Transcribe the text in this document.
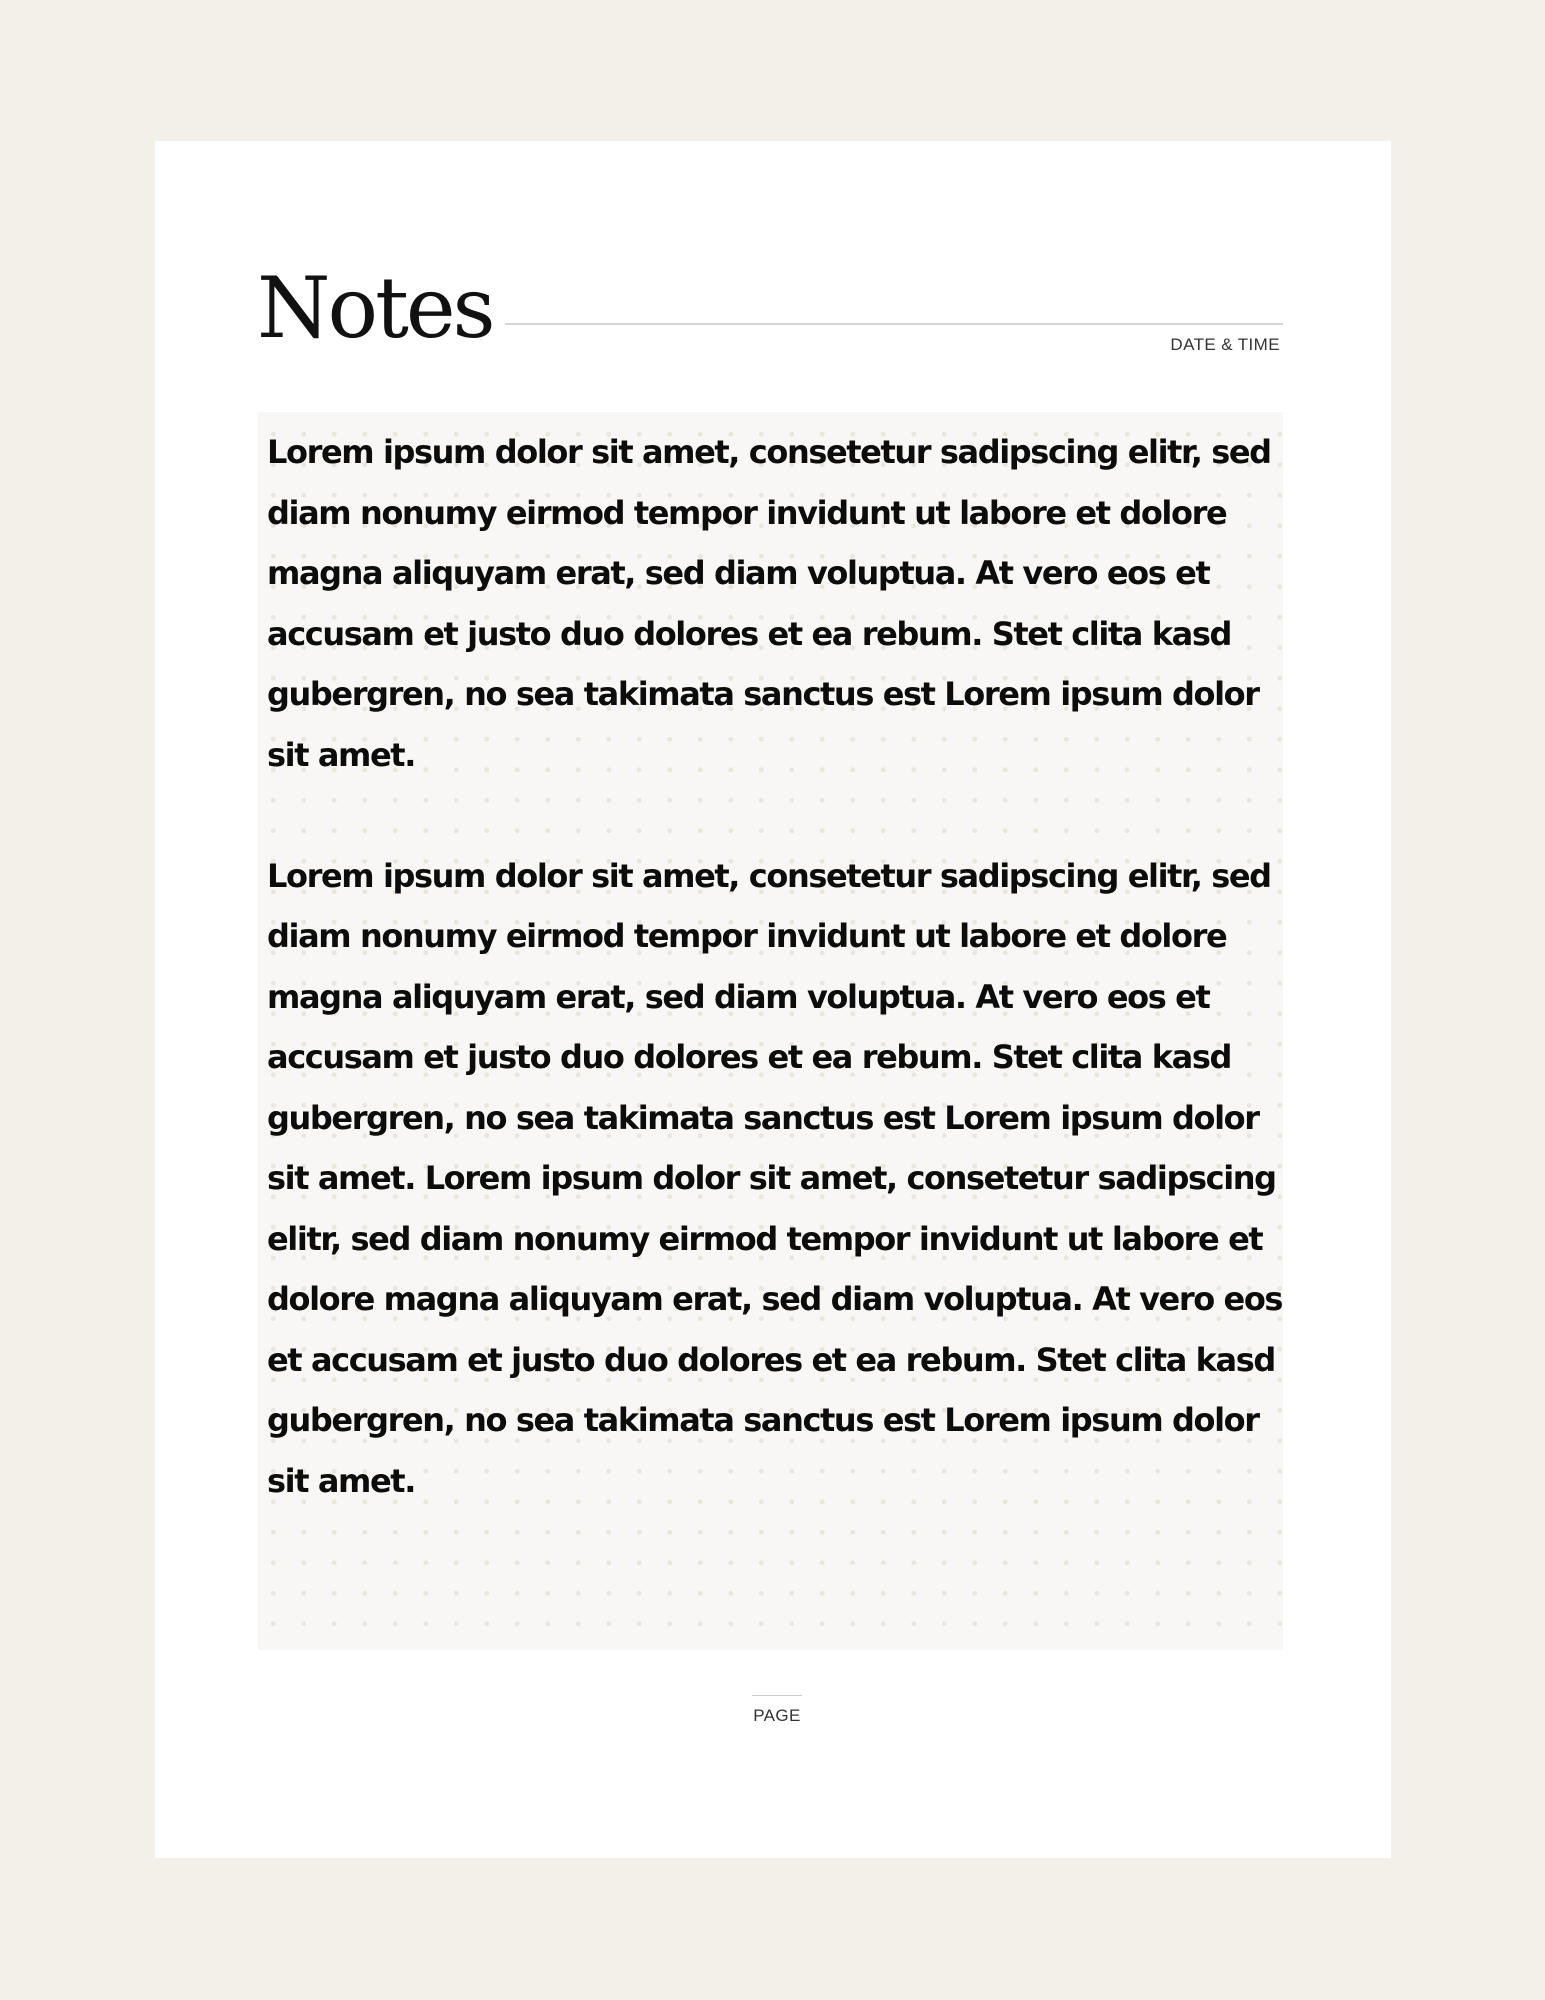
Notes	DATE & TIME

Lorem ipsum dolor sit amet, consetetur sadipscing elitr, sed diam nonumy eirmod tempor invidunt ut labore et dolore magna aliquyam erat, sed diam voluptua. At vero eos et accusam et justo duo dolores et ea rebum. Stet clita kasd gubergren, no sea takimata sanctus est Lorem ipsum dolor sit amet.

Lorem ipsum dolor sit amet, consetetur sadipscing elitr, sed diam nonumy eirmod tempor invidunt ut labore et dolore magna aliquyam erat, sed diam voluptua. At vero eos et accusam et justo duo dolores et ea rebum. Stet clita kasd gubergren, no sea takimata sanctus est Lorem ipsum dolor sit amet. Lorem ipsum dolor sit amet, consetetur sadipscing elitr, sed diam nonumy eirmod tempor invidunt ut labore et dolore magna aliquyam erat, sed diam voluptua. At vero eos et accusam et justo duo dolores et ea rebum. Stet clita kasd gubergren, no sea takimata sanctus est Lorem ipsum dolor sit amet.

PAGE
